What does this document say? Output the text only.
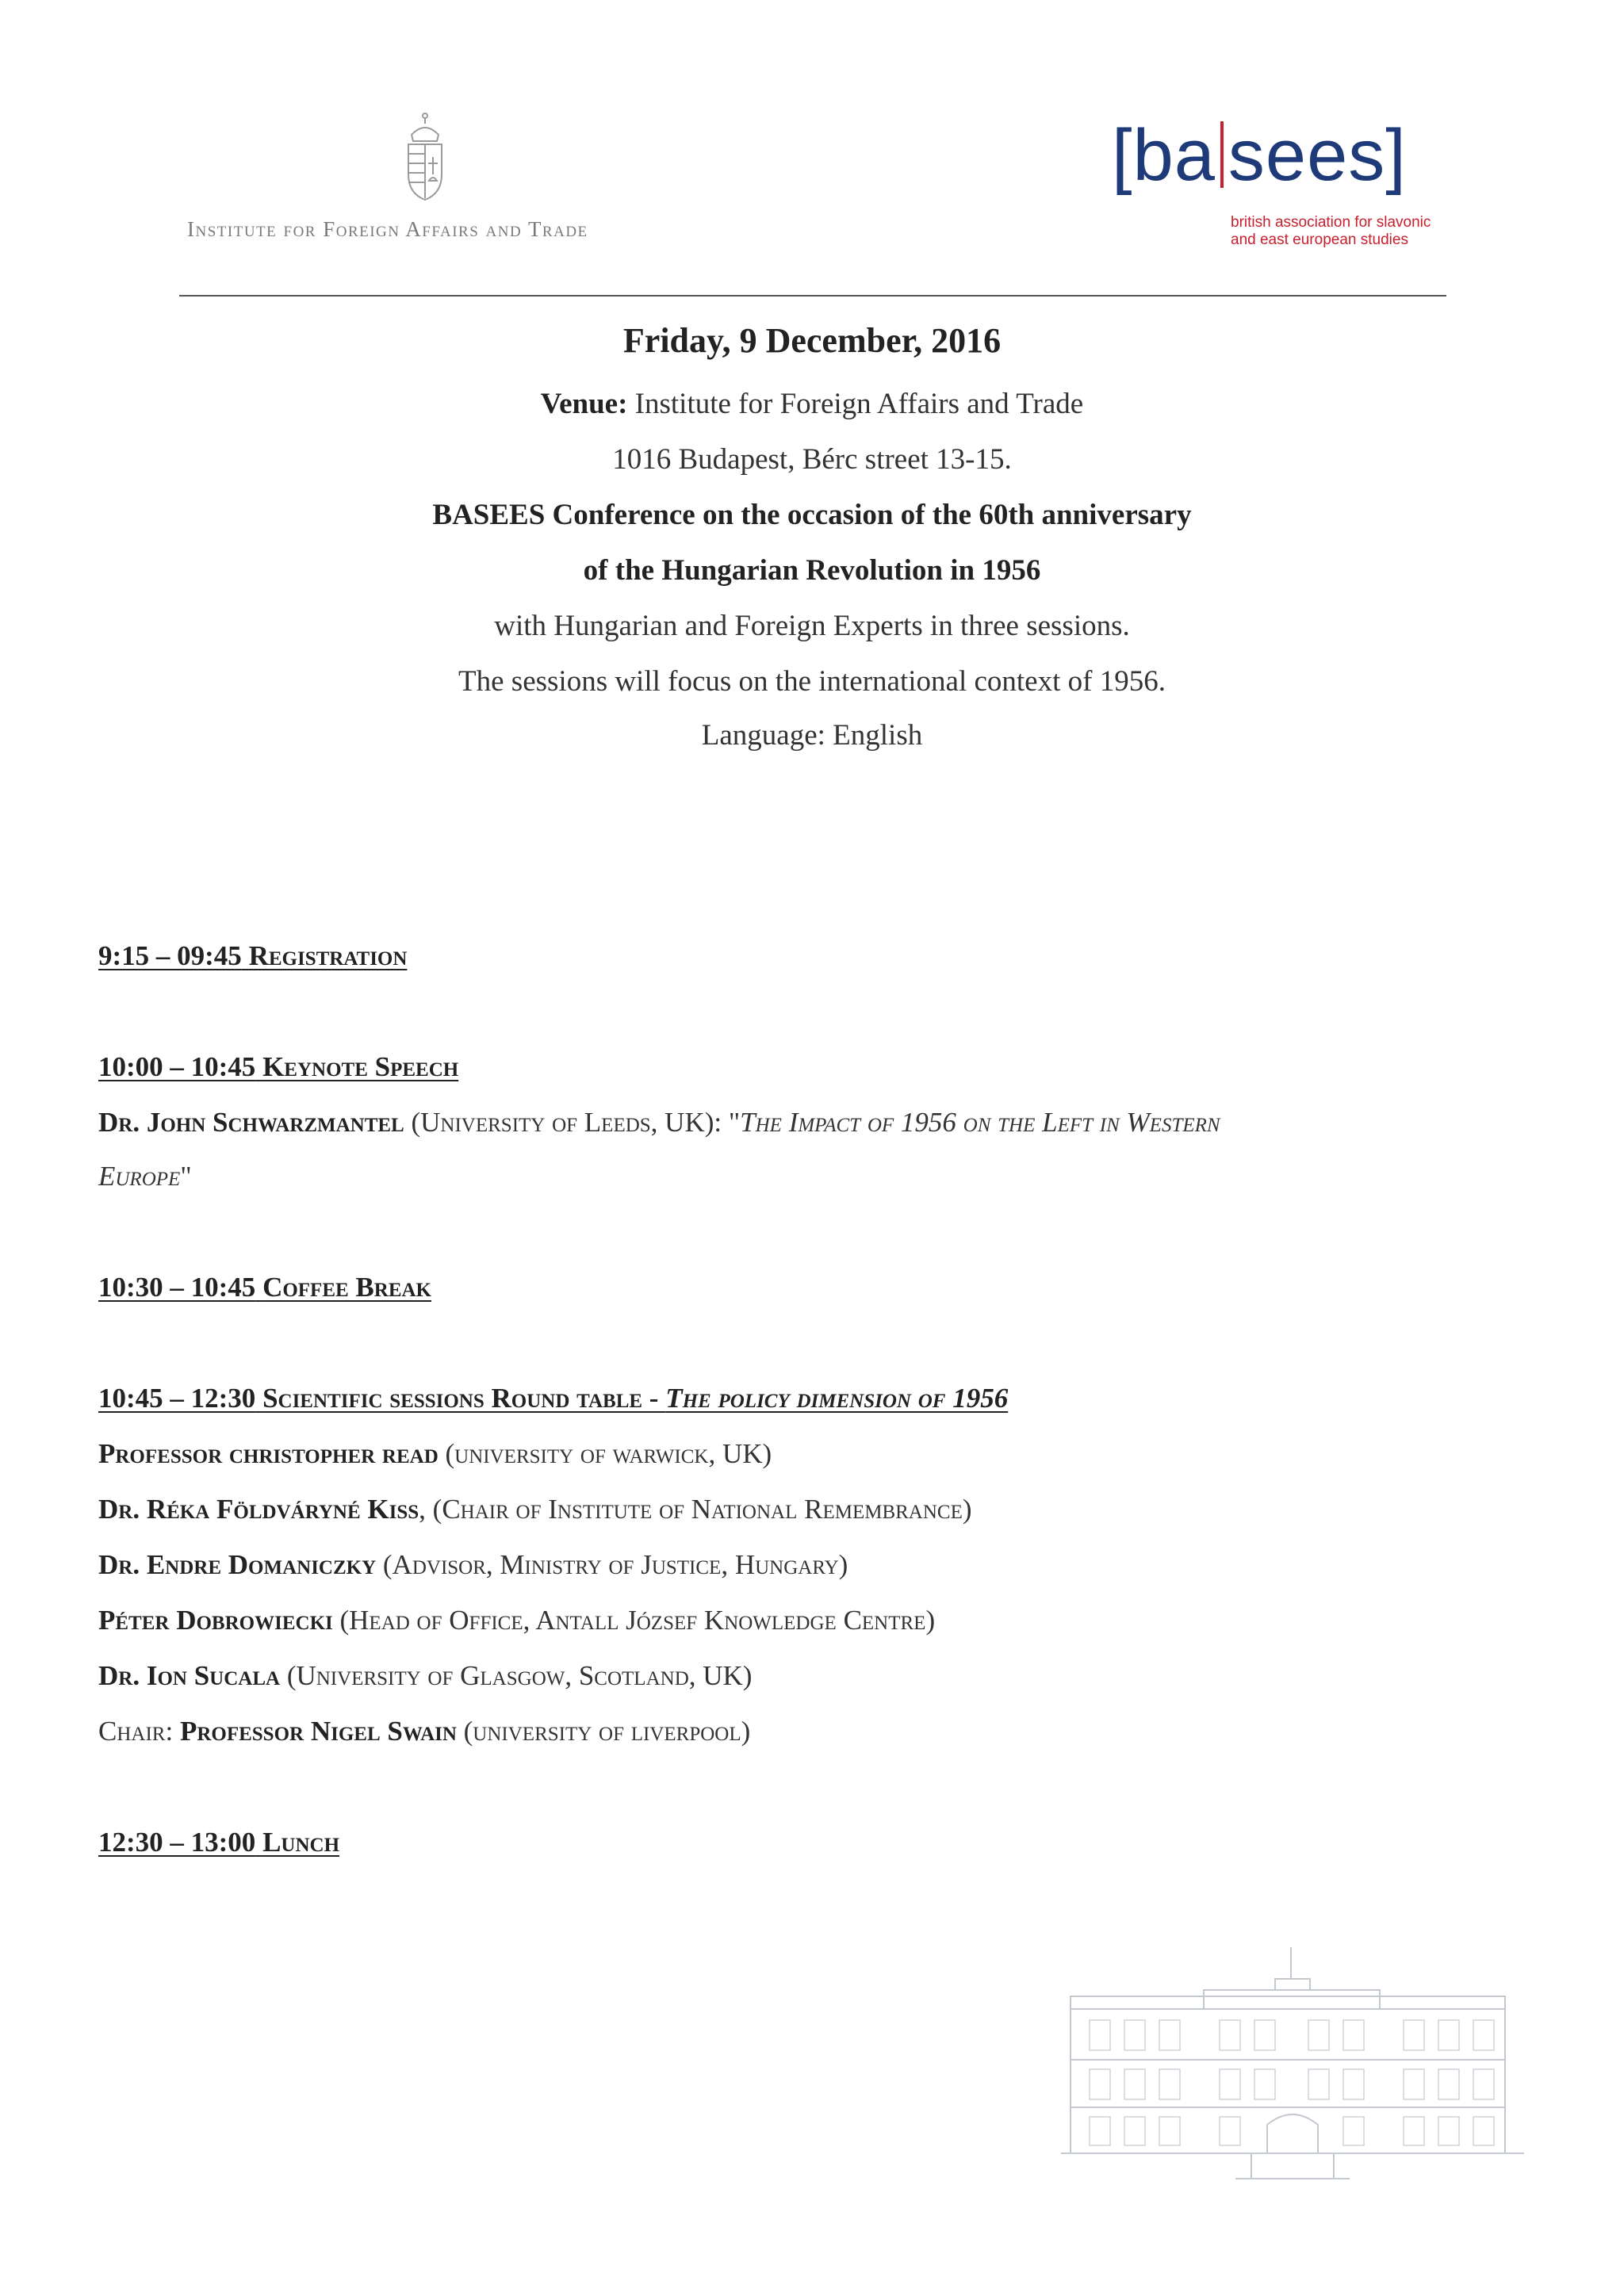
Institute for Foreign Affairs and Trade
[ba sees]
british association for slavonic
and east european studies
Friday, 9 December, 2016
Venue: Institute for Foreign Affairs and Trade
1016 Budapest, Bérc street 13-15.
BASEES Conference on the occasion of the 60th anniversary
of the Hungarian Revolution in 1956
with Hungarian and Foreign Experts in three sessions.
The sessions will focus on the international context of 1956.
Language: English
9:15 – 09:45 Registration
10:00 – 10:45 Keynote Speech
Dr. John Schwarzmantel (University of Leeds, UK): "The Impact of 1956 on the Left in Western
Europe"
10:30 – 10:45 Coffee Break
10:45 – 12:30 Scientific sessions Round table - The policy dimension of 1956
Professor christopher read (university of warwick, UK)
Dr. Réka Földváryné Kiss, (Chair of Institute of National Remembrance)
Dr. Endre Domaniczky (Advisor, Ministry of Justice, Hungary)
Péter Dobrowiecki (Head of Office, Antall József Knowledge Centre)
Dr. Ion Sucala (University of Glasgow, Scotland, UK)
Chair: Professor Nigel Swain (university of liverpool)
12:30 – 13:00 Lunch
